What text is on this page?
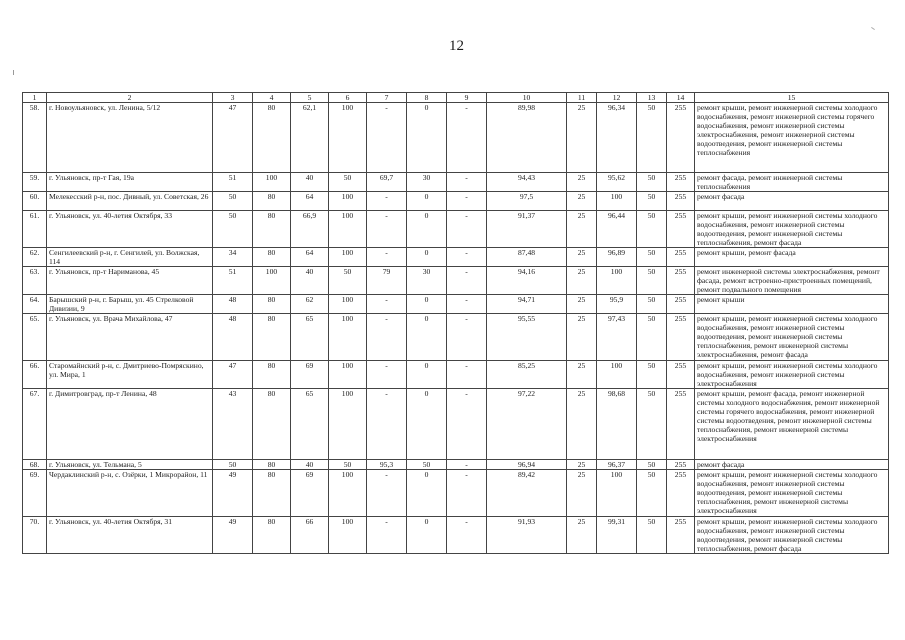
12
1	2	3	4	5	6	7	8	9	10	11	12	13	14	15
58.	г. Новоульяновск, ул. Ленина, 5/12	47	80	62,1	100	-	0	-	89,98	25	96,34	50	255	ремонт крыши, ремонт инженерной системы холодного водоснабжения, ремонт инженерной системы горячего водоснабжения, ремонт инженерной системы электроснабжения, ремонт инженерной системы водоотведения, ремонт инженерной системы теплоснабжения
59.	г. Ульяновск, пр-т Гая, 19а	51	100	40	50	69,7	30	-	94,43	25	95,62	50	255	ремонт фасада, ремонт инженерной системы теплоснабжения
60.	Мелекесский р-н, пос. Дивный, ул. Советская, 26	50	80	64	100	-	0	-	97,5	25	100	50	255	ремонт фасада
61.	г. Ульяновск, ул. 40-летия Октября, 33	50	80	66,9	100	-	0	-	91,37	25	96,44	50	255	ремонт крыши, ремонт инженерной системы холодного водоснабжения, ремонт инженерной системы водоотведения, ремонт инженерной системы теплоснабжения, ремонт фасада
62.	Сенгилеевский р-н, г. Сенгилей, ул. Волжская, 114	34	80	64	100	-	0	-	87,48	25	96,89	50	255	ремонт крыши, ремонт фасада
63.	г. Ульяновск, пр-т Нариманова, 45	51	100	40	50	79	30	-	94,16	25	100	50	255	ремонт инженерной системы электроснабжения, ремонт фасада, ремонт встроенно-пристроенных помещений, ремонт подвального помещения
64.	Барышский р-н, г. Барыш, ул. 45 Стрелковой Дивизии, 9	48	80	62	100	-	0	-	94,71	25	95,9	50	255	ремонт крыши
65.	г. Ульяновск, ул. Врача Михайлова, 47	48	80	65	100	-	0	-	95,55	25	97,43	50	255	ремонт крыши, ремонт инженерной системы холодного водоснабжения, ремонт инженерной системы водоотведения, ремонт инженерной системы теплоснабжения, ремонт инженерной системы электроснабжения, ремонт фасада
66.	Старомайнский р-н, с. Дмитриево-Помряскино, ул. Мира, 1	47	80	69	100	-	0	-	85,25	25	100	50	255	ремонт крыши, ремонт инженерной системы холодного водоснабжения, ремонт инженерной системы электроснабжения
67.	г. Димитровград, пр-т Ленина, 48	43	80	65	100	-	0	-	97,22	25	98,68	50	255	ремонт крыши, ремонт фасада, ремонт инженерной системы холодного водоснабжения, ремонт инженерной системы горячего водоснабжения, ремонт инженерной системы водоотведения, ремонт инженерной системы теплоснабжения, ремонт инженерной системы электроснабжения
68.	г. Ульяновск, ул. Тельмана, 5	50	80	40	50	95,3	50	-	96,94	25	96,37	50	255	ремонт фасада
69.	Чердаклинский р-н, с. Озёрки, 1 Микрорайон, 11	49	80	69	100	-	0	-	89,42	25	100	50	255	ремонт крыши, ремонт инженерной системы холодного водоснабжения, ремонт инженерной системы водоотведения, ремонт инженерной системы теплоснабжения, ремонт инженерной системы электроснабжения
70.	г. Ульяновск, ул. 40-летия Октября, 31	49	80	66	100	-	0	-	91,93	25	99,31	50	255	ремонт крыши, ремонт инженерной системы холодного водоснабжения, ремонт инженерной системы водоотведения, ремонт инженерной системы теплоснабжения, ремонт фасада
